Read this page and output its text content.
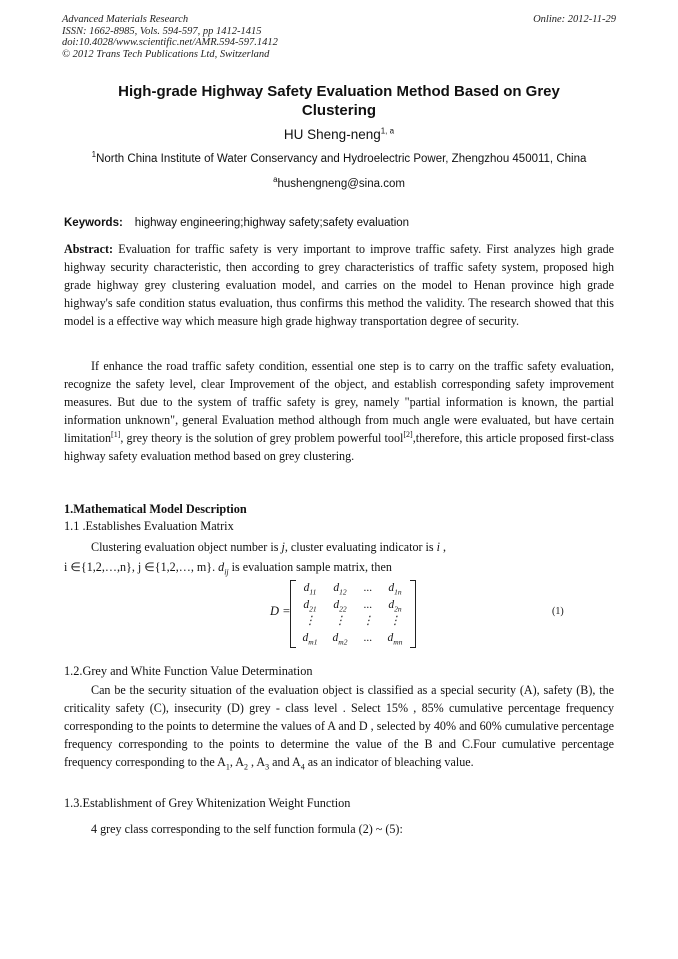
Advanced Materials Research
ISSN: 1662-8985, Vols. 594-597, pp 1412-1415
doi:10.4028/www.scientific.net/AMR.594-597.1412
© 2012 Trans Tech Publications Ltd, Switzerland
Online: 2012-11-29
High-grade Highway Safety Evaluation Method Based on Grey
Clustering
HU Sheng-neng$^{1, a}$
$^1$North China Institute of Water Conservancy and Hydroelectric Power, Zhengzhou 450011, China
$^a$hushengneng@sina.com
Keywords: highway engineering;highway safety;safety evaluation

Abstract: Evaluation for traffic safety is very important to improve traffic safety. First analyzes high grade highway security characteristic, then according to grey characteristics of traffic safety system, proposed high grade highway grey clustering evaluation model, and carries on the model to Henan province high grade highway's safe condition status evaluation, thus confirms this method the validity. The research showed that this model is a effective way which measure high grade highway transportation degree of security.

If enhance the road traffic safety condition, essential one step is to carry on the traffic safety evaluation, recognize the safety level, clear Improvement of the object, and establish corresponding safety improvement measures. But due to the system of traffic safety is grey, namely "partial information is known, the partial information unknown", general Evaluation method although from much angle were evaluated, but have certain limitation[1], grey theory is the solution of grey problem powerful tool[2],therefore, this article proposed first-class highway safety evaluation method based on grey clustering.

1.Mathematical Model Description
1.1 .Establishes Evaluation Matrix

Clustering evaluation object number is j, cluster evaluating indicator is i ,

i ∈{1,2,…,n}, j ∈{1,2,…, m}. $d_{ij}$ is evaluation sample matrix, then

D =
$d_{11}$	$d_{12}$	...	$d_{1n}$
$d_{21}$	$d_{22}$	...	$d_{2n}$
⋮	⋮	⋮	⋮
$d_{m1}$	$d_{m2}$	...	$d_{mn}$
(1)
1.2.Grey and White Function Value Determination

Can be the security situation of the evaluation object is classified as a special security (A), safety (B), the criticality safety (C), insecurity (D) grey - class level . Select 15% , 85% cumulative percentage frequency corresponding to the points to determine the values of A and D , selected by 40% and 60% cumulative percentage frequency corresponding to the points to determine the value of the B and C.Four cumulative percentage frequency corresponding to the $A_1$, $A_2$ , $A_3$ and $A_4$ as an indicator of bleaching value.

1.3.Establishment of Grey Whitenization Weight Function

4 grey class corresponding to the self function formula (2) ~ (5):
